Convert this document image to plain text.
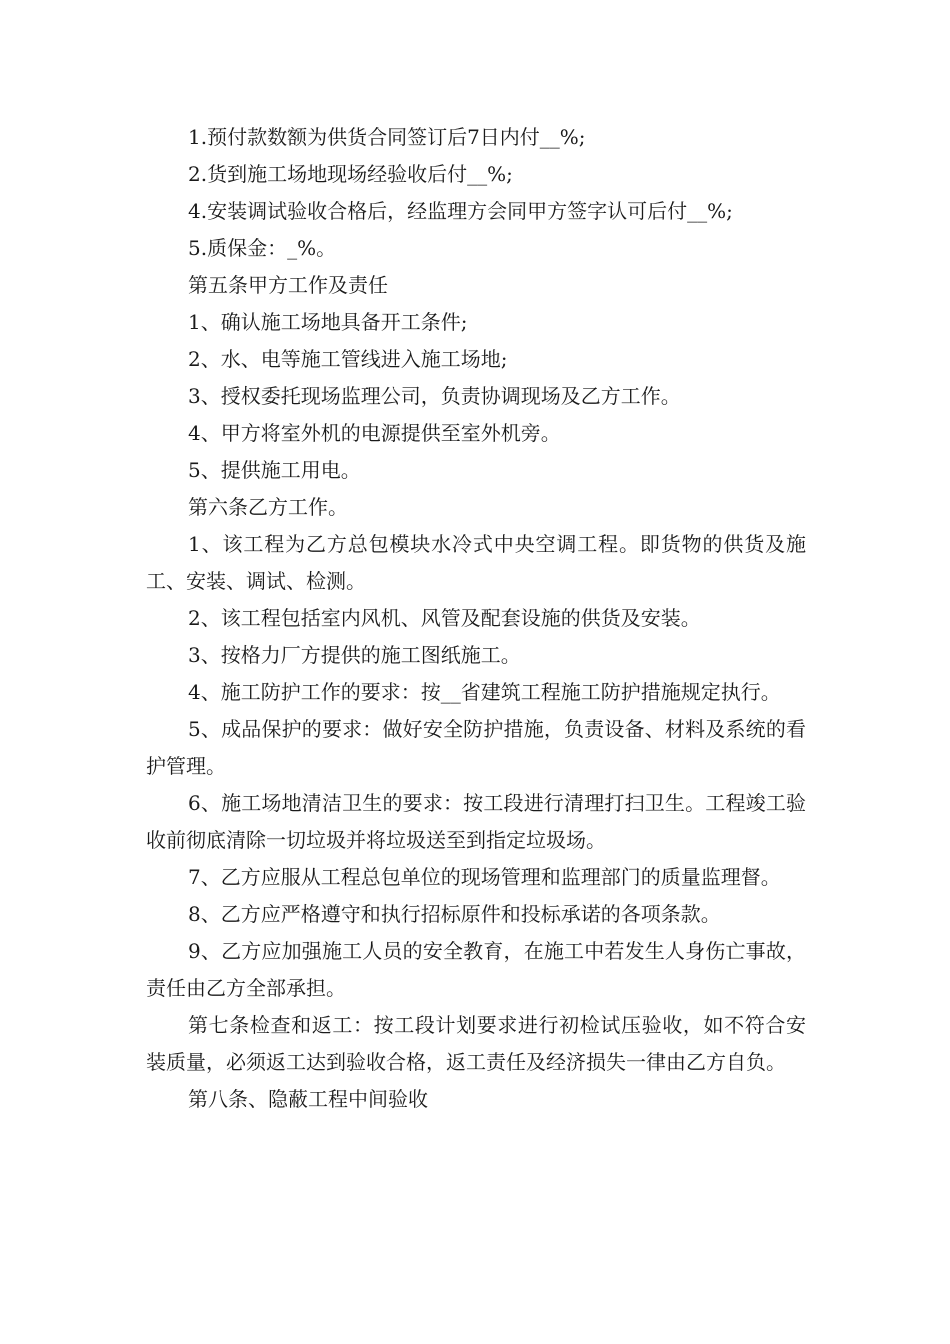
1.预付款数额为供货合同签订后7日内付__%;

2.货到施工场地现场经验收后付__%;

4.安装调试验收合格后，经监理方会同甲方签字认可后付__%;

5.质保金：_%。

第五条甲方工作及责任

1、确认施工场地具备开工条件;

2、水、电等施工管线进入施工场地;

3、授权委托现场监理公司，负责协调现场及乙方工作。

4、甲方将室外机的电源提供至室外机旁。

5、提供施工用电。

第六条乙方工作。

1、该工程为乙方总包模块水冷式中央空调工程。即货物的供货及施工、安装、调试、检测。

2、该工程包括室内风机、风管及配套设施的供货及安装。

3、按格力厂方提供的施工图纸施工。

4、施工防护工作的要求：按__省建筑工程施工防护措施规定执行。

5、成品保护的要求：做好安全防护措施，负责设备、材料及系统的看护管理。

6、施工场地清洁卫生的要求：按工段进行清理打扫卫生。工程竣工验收前彻底清除一切垃圾并将垃圾送至到指定垃圾场。

7、乙方应服从工程总包单位的现场管理和监理部门的质量监理督。

8、乙方应严格遵守和执行招标原件和投标承诺的各项条款。

9、乙方应加强施工人员的安全教育，在施工中若发生人身伤亡事故，责任由乙方全部承担。

第七条检查和返工：按工段计划要求进行初检试压验收，如不符合安装质量，必须返工达到验收合格，返工责任及经济损失一律由乙方自负。

第八条、隐蔽工程中间验收
